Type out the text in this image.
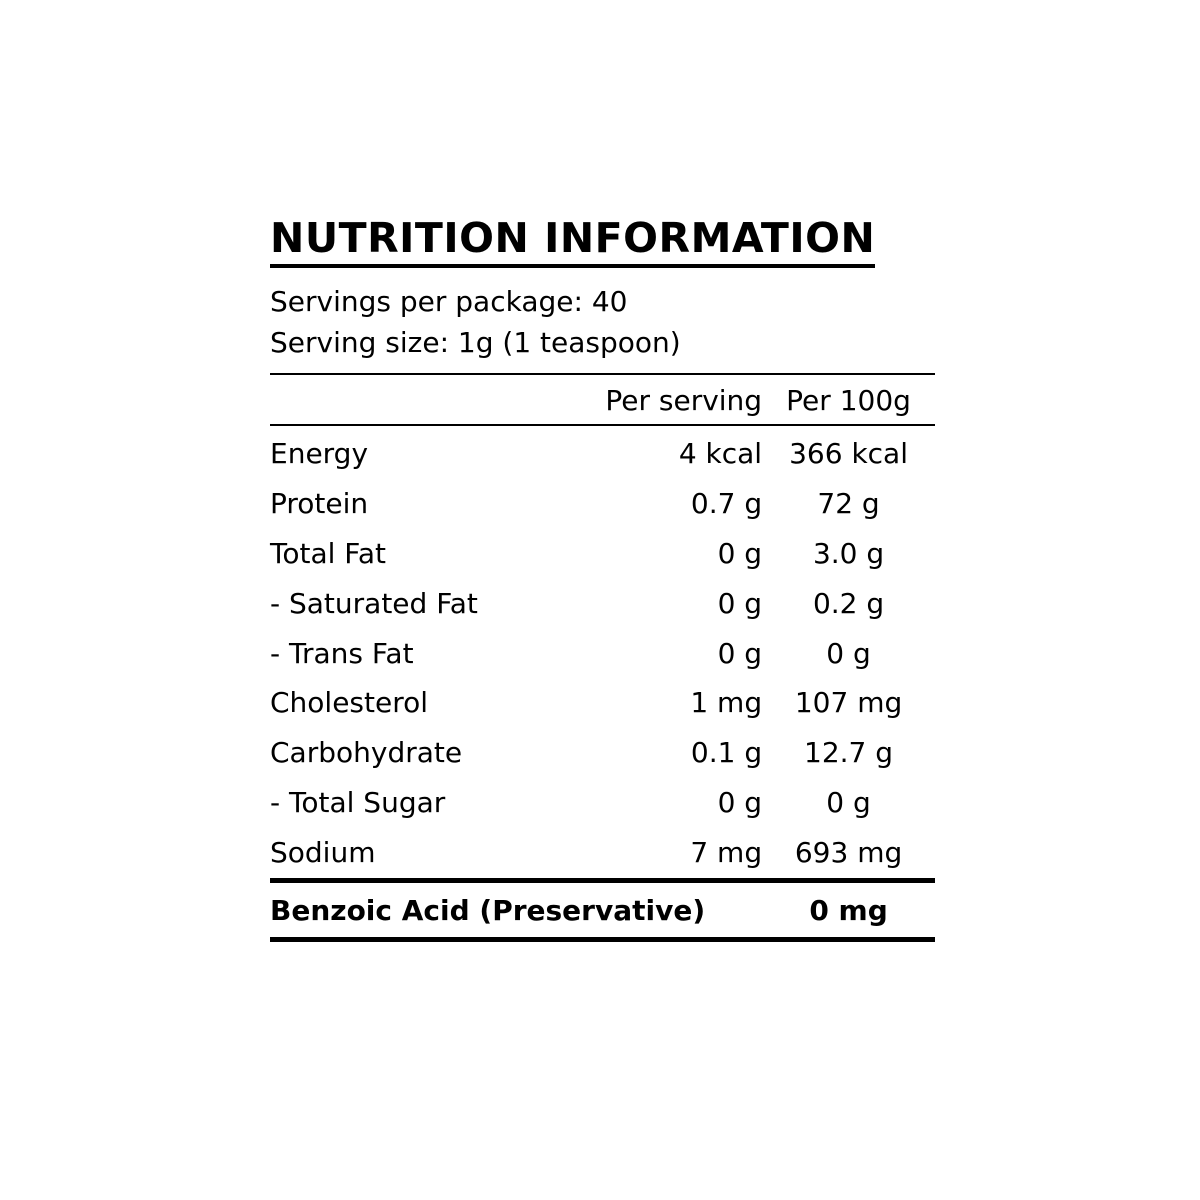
NUTRITION INFORMATION

Servings per package: 40

Serving size: 1g (1 teaspoon)

	Per serving	Per 100g
Energy	4 kcal	366 kcal
Protein	0.7 g	72 g
Total Fat	0 g	3.0 g
- Saturated Fat	0 g	0.2 g
- Trans Fat	0 g	0 g
Cholesterol	1 mg	107 mg
Carbohydrate	0.1 g	12.7 g
- Total Sugar	0 g	0 g
Sodium	7 mg	693 mg
Benzoic Acid (Preservative)		0 mg
